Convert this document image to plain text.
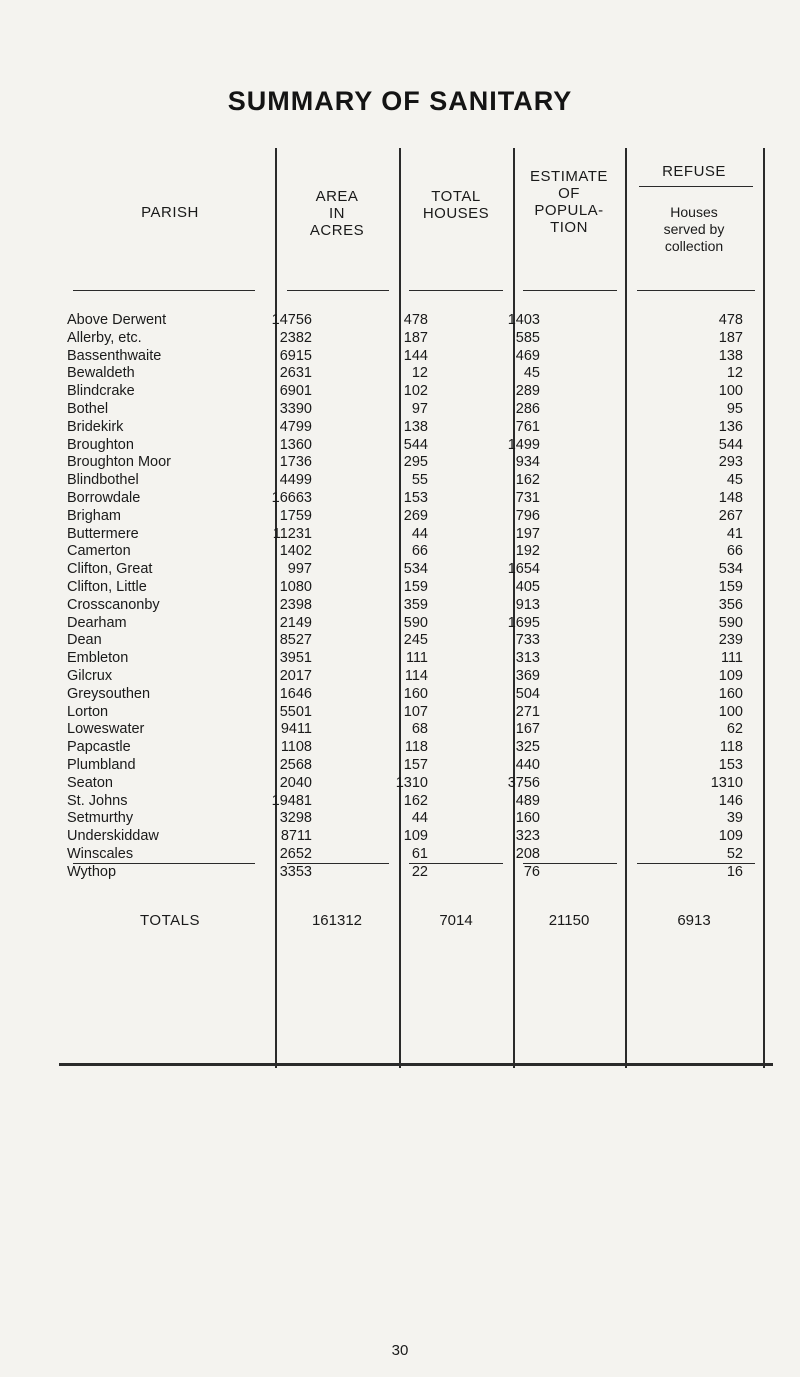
SUMMARY OF SANITARY
PARISH
AREA
IN
ACRES
TOTAL
HOUSES
ESTIMATE
OF
POPULA-
TION
REFUSE
Houses
served by
collection
Above Derwent	14756	478	1403	478
Allerby, etc.	2382	187	585	187
Bassenthwaite	6915	144	469	138
Bewaldeth	2631	12	45	12
Blindcrake	6901	102	289	100
Bothel	3390	97	286	95
Bridekirk	4799	138	761	136
Broughton	1360	544	1499	544
Broughton Moor	1736	295	934	293
Blindbothel	4499	55	162	45
Borrowdale	16663	153	731	148
Brigham	1759	269	796	267
Buttermere	11231	44	197	41
Camerton	1402	66	192	66
Clifton, Great	997	534	1654	534
Clifton, Little	1080	159	405	159
Crosscanonby	2398	359	913	356
Dearham	2149	590	1695	590
Dean	8527	245	733	239
Embleton	3951	111	313	111
Gilcrux	2017	114	369	109
Greysouthen	1646	160	504	160
Lorton	5501	107	271	100
Loweswater	9411	68	167	62
Papcastle	1108	118	325	118
Plumbland	2568	157	440	153
Seaton	2040	1310	3756	1310
St. Johns	19481	162	489	146
Setmurthy	3298	44	160	39
Underskiddaw	8711	109	323	109
Winscales	2652	61	208	52
Wythop	3353	22	76	16
TOTALS	161312	7014	21150	6913
30
